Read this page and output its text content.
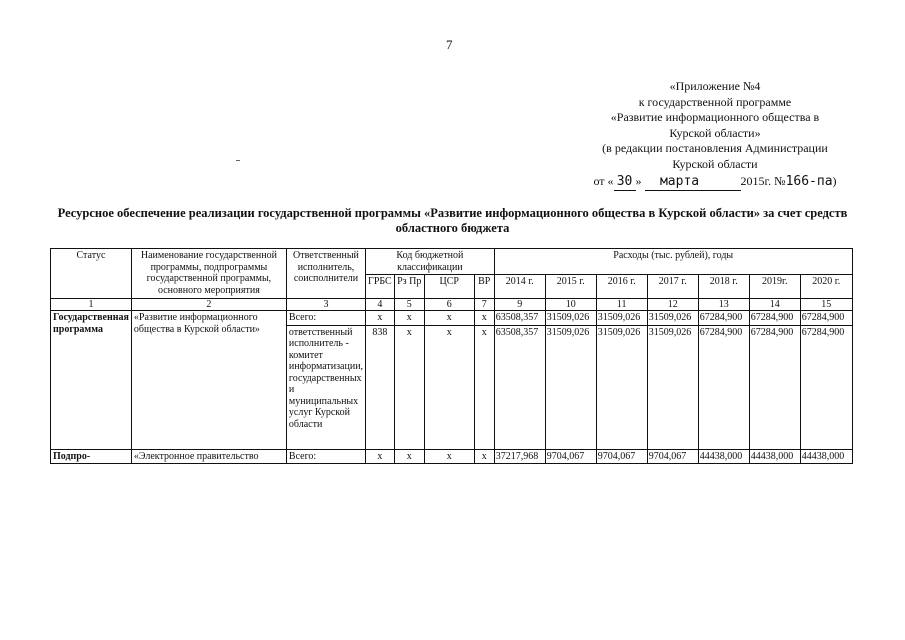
7
«Приложение №4
к государственной программе
«Развитие информационного общества в
Курской области»
(в редакции постановления Администрации
Курской области
от « 30 » марта	2015г. №166-па)
Ресурсное обеспечение реализации государственной программы «Развитие информационного общества в Курской области» за счет средств областного бюджета
Статус	Наименование государственной программы, подпрограммы государственной программы, основного мероприятия	Ответственный исполнитель, соисполнители	Код бюджетной классификации				Расходы (тыс. рублей), годы						
			ГРБС	Рз Пр	ЦСР	ВР	2014 г.	2015 г.	2016 г.	2017 г.	2018 г.	2019г.	2020 г.
1	2	3	4	5	6	7	9	10	11	12	13	14	15
Государственная программа	«Развитие информационного общества в Курской области»	Всего:	x	x	x	x	63508,357	31509,026	31509,026	31509,026	67284,900	67284,900	67284,900
		ответственный исполнитель - комитет информатизации, государственных и муниципальных услуг Курской области	838	x	x	x	63508,357	31509,026	31509,026	31509,026	67284,900	67284,900	67284,900
Подпро-	«Электронное правительство	Всего:	x	x	x	x	37217,968	9704,067	9704,067	9704,067	44438,000	44438,000	44438,000
